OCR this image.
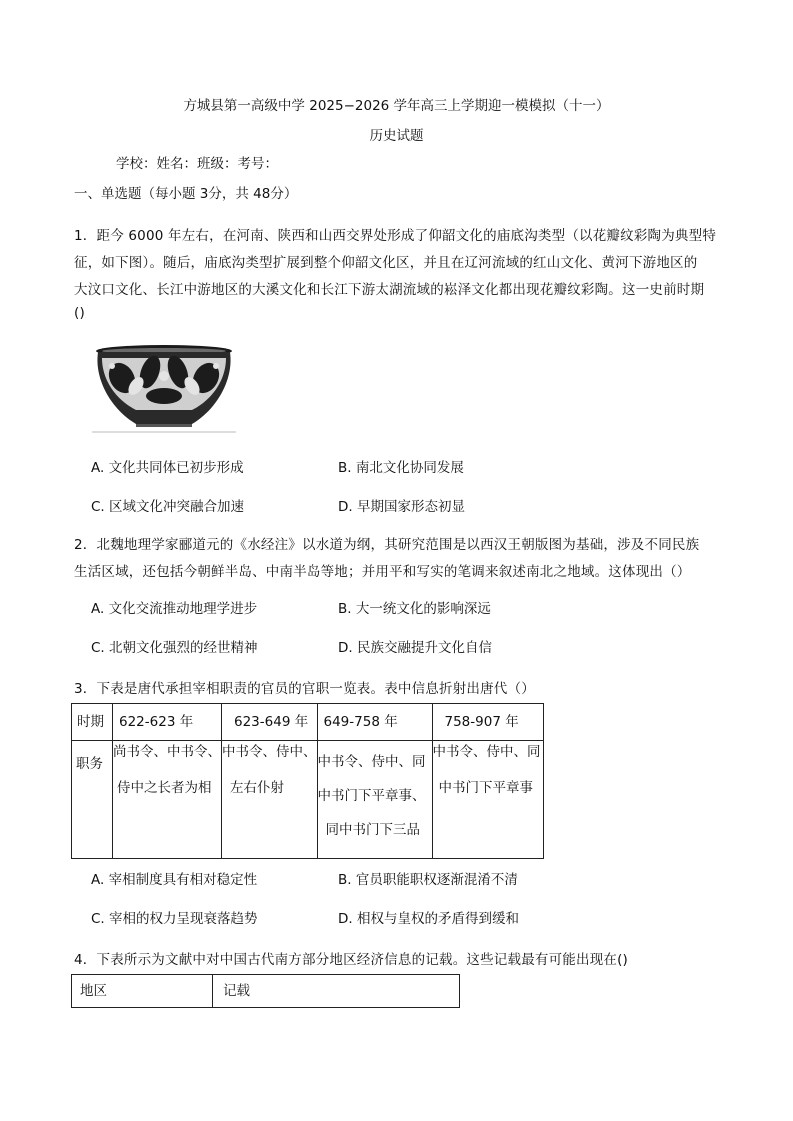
方城县第一高级中学 2025−2026 学年高三上学期迎一模模拟（十一）
历史试题
学校：姓名：班级：考号：
一、单选题（每小题 3分，共 48分）
1．距今 6000 年左右，在河南、陕西和山西交界处形成了仰韶文化的庙底沟类型（以花瓣纹彩陶为典型特
征，如下图）。随后，庙底沟类型扩展到整个仰韶文化区，并且在辽河流域的红山文化、黄河下游地区的
大汶口文化、长江中游地区的大溪文化和长江下游太湖流域的崧泽文化都出现花瓣纹彩陶。这一史前时期
()
A. 文化共同体已初步形成	B. 南北文化协同发展
C. 区域文化冲突融合加速	D. 早期国家形态初显
2．北魏地理学家郦道元的《水经注》以水道为纲，其研究范围是以西汉王朝版图为基础，涉及不同民族
生活区域，还包括今朝鲜半岛、中南半岛等地；并用平和写实的笔调来叙述南北之地域。这体现出（）
A. 文化交流推动地理学进步	B. 大一统文化的影响深远
C. 北朝文化强烈的经世精神	D. 民族交融提升文化自信
3．下表是唐代承担宰相职责的官员的官职一览表。表中信息折射出唐代（）
时期	622-623 年	623-649 年	649-758 年	758-907 年

职务	尚书令、中书令、
侍中之长者为相	中书令、侍中、
左右仆射	中书令、侍中、同
中书门下平章事、
同中书门下三品	中书令、侍中、同
中书门下平章事
A. 宰相制度具有相对稳定性	B. 官员职能职权逐渐混淆不清
C. 宰相的权力呈现衰落趋势	D. 相权与皇权的矛盾得到缓和
4．下表所示为文献中对中国古代南方部分地区经济信息的记载。这些记载最有可能出现在()
地区	记载
